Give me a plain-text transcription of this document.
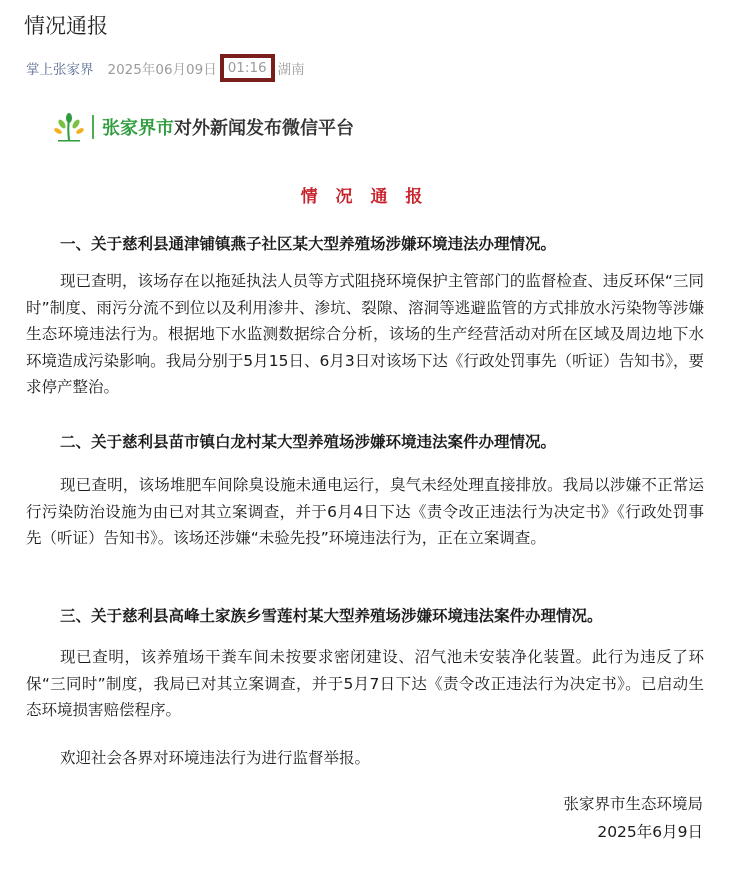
情况通报
掌上张家界 2025年06月09日 01:16 湖南
张家界市对外新闻发布微信平台
情 况 通 报
一、关于慈利县通津铺镇燕子社区某大型养殖场涉嫌环境违法办理情况。
现已查明，该场存在以拖延执法人员等方式阻挠环境保护主管部门的监督检查、违反环保“三同时”制度、雨污分流不到位以及利用渗井、渗坑、裂隙、溶洞等逃避监管的方式排放水污染物等涉嫌生态环境违法行为。根据地下水监测数据综合分析，该场的生产经营活动对所在区域及周边地下水环境造成污染影响。我局分别于5月15日、6月3日对该场下达《行政处罚事先（听证）告知书》，要求停产整治。
二、关于慈利县苗市镇白龙村某大型养殖场涉嫌环境违法案件办理情况。
现已查明，该场堆肥车间除臭设施未通电运行，臭气未经处理直接排放。我局以涉嫌不正常运行污染防治设施为由已对其立案调查，并于6月4日下达《责令改正违法行为决定书》《行政处罚事先（听证）告知书》。该场还涉嫌“未验先投”环境违法行为，正在立案调查。
三、关于慈利县高峰土家族乡雪莲村某大型养殖场涉嫌环境违法案件办理情况。
现已查明，该养殖场干粪车间未按要求密闭建设、沼气池未安装净化装置。此行为违反了环保“三同时”制度，我局已对其立案调查，并于5月7日下达《责令改正违法行为决定书》。已启动生态环境损害赔偿程序。
欢迎社会各界对环境违法行为进行监督举报。
张家界市生态环境局
2025年6月9日
